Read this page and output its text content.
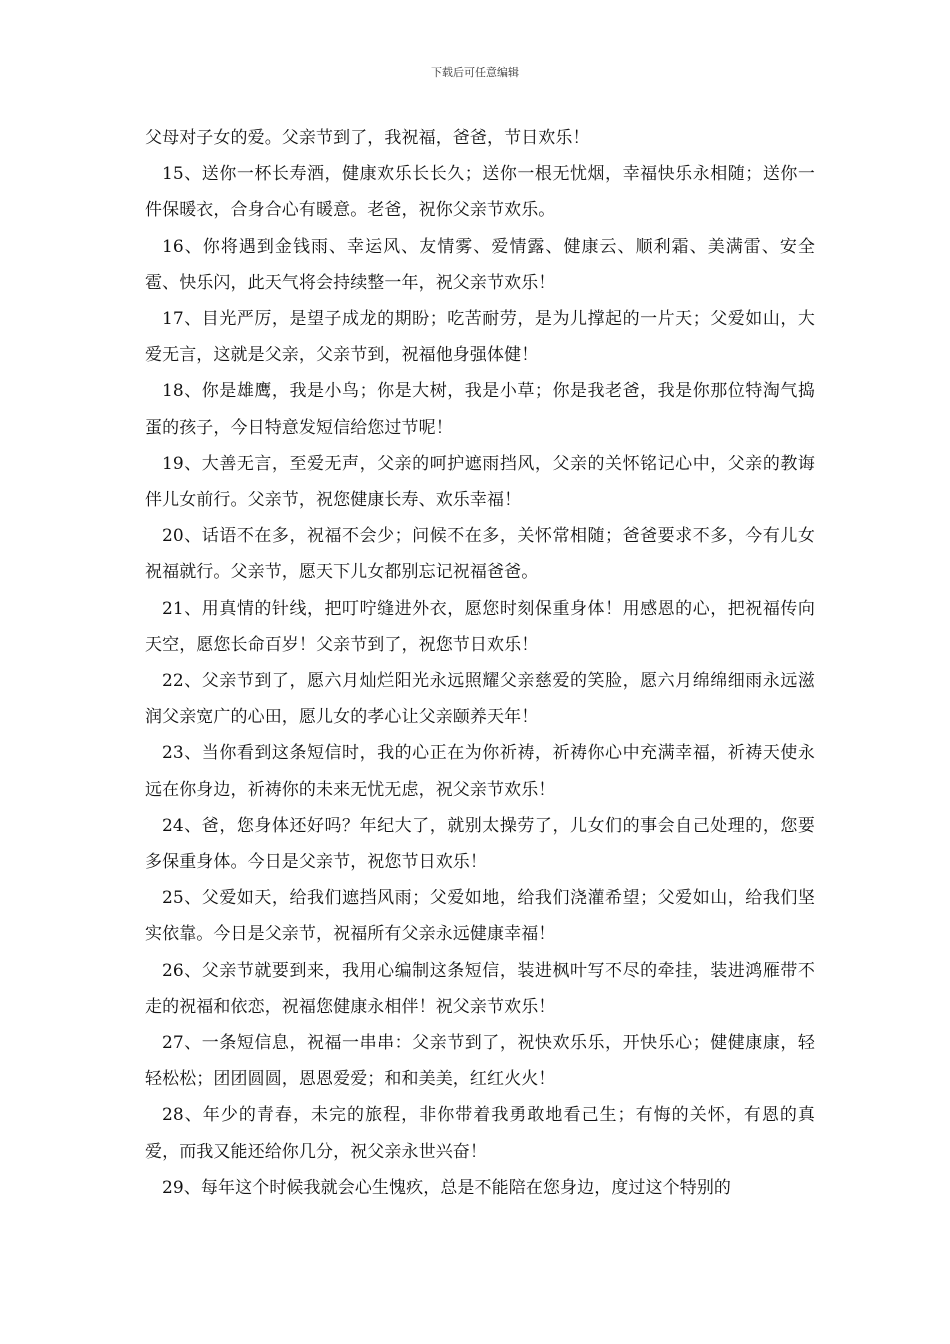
下载后可任意编辑

父母对子女的爱。父亲节到了，我祝福，爸爸，节日欢乐！

15、送你一杯长寿酒，健康欢乐长长久；送你一根无忧烟，幸福快乐永相随；送你一件保暖衣，合身合心有暖意。老爸，祝你父亲节欢乐。

16、你将遇到金钱雨、幸运风、友情雾、爱情露、健康云、顺利霜、美满雷、安全雹、快乐闪，此天气将会持续整一年，祝父亲节欢乐！

17、目光严厉，是望子成龙的期盼；吃苦耐劳，是为儿撑起的一片天；父爱如山，大爱无言，这就是父亲，父亲节到，祝福他身强体健！

18、你是雄鹰，我是小鸟；你是大树，我是小草；你是我老爸，我是你那位特淘气捣蛋的孩子，今日特意发短信给您过节呢！

19、大善无言，至爱无声，父亲的呵护遮雨挡风，父亲的关怀铭记心中，父亲的教诲伴儿女前行。父亲节，祝您健康长寿、欢乐幸福！

20、话语不在多，祝福不会少；问候不在多，关怀常相随；爸爸要求不多，今有儿女祝福就行。父亲节，愿天下儿女都别忘记祝福爸爸。

21、用真情的针线，把叮咛缝进外衣，愿您时刻保重身体！用感恩的心，把祝福传向天空，愿您长命百岁！父亲节到了，祝您节日欢乐！

22、父亲节到了，愿六月灿烂阳光永远照耀父亲慈爱的笑脸，愿六月绵绵细雨永远滋润父亲宽广的心田，愿儿女的孝心让父亲颐养天年！

23、当你看到这条短信时，我的心正在为你祈祷，祈祷你心中充满幸福，祈祷天使永远在你身边，祈祷你的未来无忧无虑，祝父亲节欢乐！

24、爸，您身体还好吗？年纪大了，就别太操劳了，儿女们的事会自己处理的，您要多保重身体。今日是父亲节，祝您节日欢乐！

25、父爱如天，给我们遮挡风雨；父爱如地，给我们浇灌希望；父爱如山，给我们坚实依靠。今日是父亲节，祝福所有父亲永远健康幸福！

26、父亲节就要到来，我用心编制这条短信，装进枫叶写不尽的牵挂，装进鸿雁带不走的祝福和依恋，祝福您健康永相伴！祝父亲节欢乐！

27、一条短信息，祝福一串串：父亲节到了，祝快欢乐乐，开快乐心；健健康康，轻轻松松；团团圆圆，恩恩爱爱；和和美美，红红火火！

28、年少的青春，未完的旅程，非你带着我勇敢地看己生；有悔的关怀，有恩的真爱，而我又能还给你几分，祝父亲永世兴奋！

29、每年这个时候我就会心生愧疚，总是不能陪在您身边，度过这个特别的
